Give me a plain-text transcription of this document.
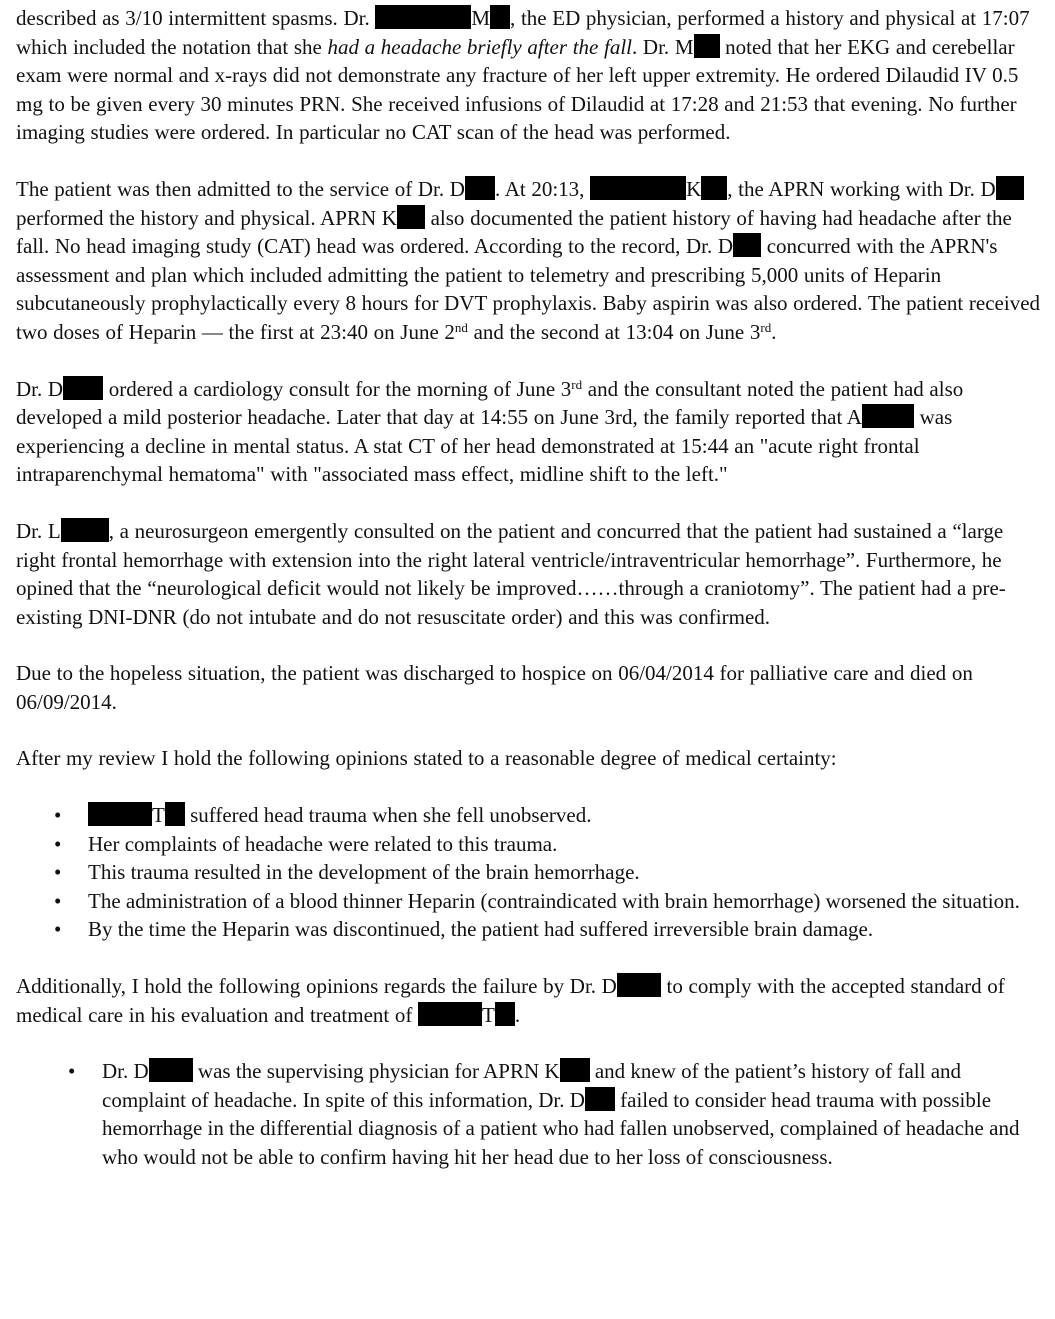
described as 3/10 intermittent spasms. Dr.	M , the ED physician, performed a history and physical at 17:07 which included the notation that she had a headache briefly after the fall. Dr. M noted that her EKG and cerebellar exam were normal and x-rays did not demonstrate any fracture of her left upper extremity. He ordered Dilaudid IV 0.5 mg to be given every 30 minutes PRN. She received infusions of Dilaudid at 17:28 and 21:53 that evening. No further imaging studies were ordered. In particular no CAT scan of the head was performed.

The patient was then admitted to the service of Dr. D . At 20:13,	K , the APRN working with Dr. D performed the history and physical. APRN K also documented the patient history of having had headache after the fall. No head imaging study (CAT) head was ordered. According to the record, Dr. D concurred with the APRN's assessment and plan which included admitting the patient to telemetry and prescribing 5,000 units of Heparin subcutaneously prophylactically every 8 hours for DVT prophylaxis. Baby aspirin was also ordered. The patient received two doses of Heparin — the first at 23:40 on June 2nd and the second at 13:04 on June 3rd.

Dr. D ordered a cardiology consult for the morning of June 3rd and the consultant noted the patient had also developed a mild posterior headache. Later that day at 14:55 on June 3rd, the family reported that A	was experiencing a decline in mental status. A stat CT of her head demonstrated at 15:44 an "acute right frontal intraparenchymal hematoma" with "associated mass effect, midline shift to the left."

Dr. L , a neurosurgeon emergently consulted on the patient and concurred that the patient had sustained a “large right frontal hemorrhage with extension into the right lateral ventricle/intraventricular hemorrhage”. Furthermore, he opined that the “neurological deficit would not likely be improved……through a craniotomy”. The patient had a pre-existing DNI-DNR (do not intubate and do not resuscitate order) and this was confirmed.

Due to the hopeless situation, the patient was discharged to hospice on 06/04/2014 for palliative care and died on 06/09/2014.

After my review I hold the following opinions stated to a reasonable degree of medical certainty:

•	T suffered head trauma when she fell unobserved.
• Her complaints of headache were related to this trauma.
• This trauma resulted in the development of the brain hemorrhage.
• The administration of a blood thinner Heparin (contraindicated with brain hemorrhage) worsened the situation.
• By the time the Heparin was discontinued, the patient had suffered irreversible brain damage.

Additionally, I hold the following opinions regards the failure by Dr. D to comply with the accepted standard of medical care in his evaluation and treatment of	T .

• Dr. D was the supervising physician for APRN K and knew of the patient’s history of fall and complaint of headache. In spite of this information, Dr. D failed to consider head trauma with possible hemorrhage in the differential diagnosis of a patient who had fallen unobserved, complained of headache and who would not be able to confirm having hit her head due to her loss of consciousness.
